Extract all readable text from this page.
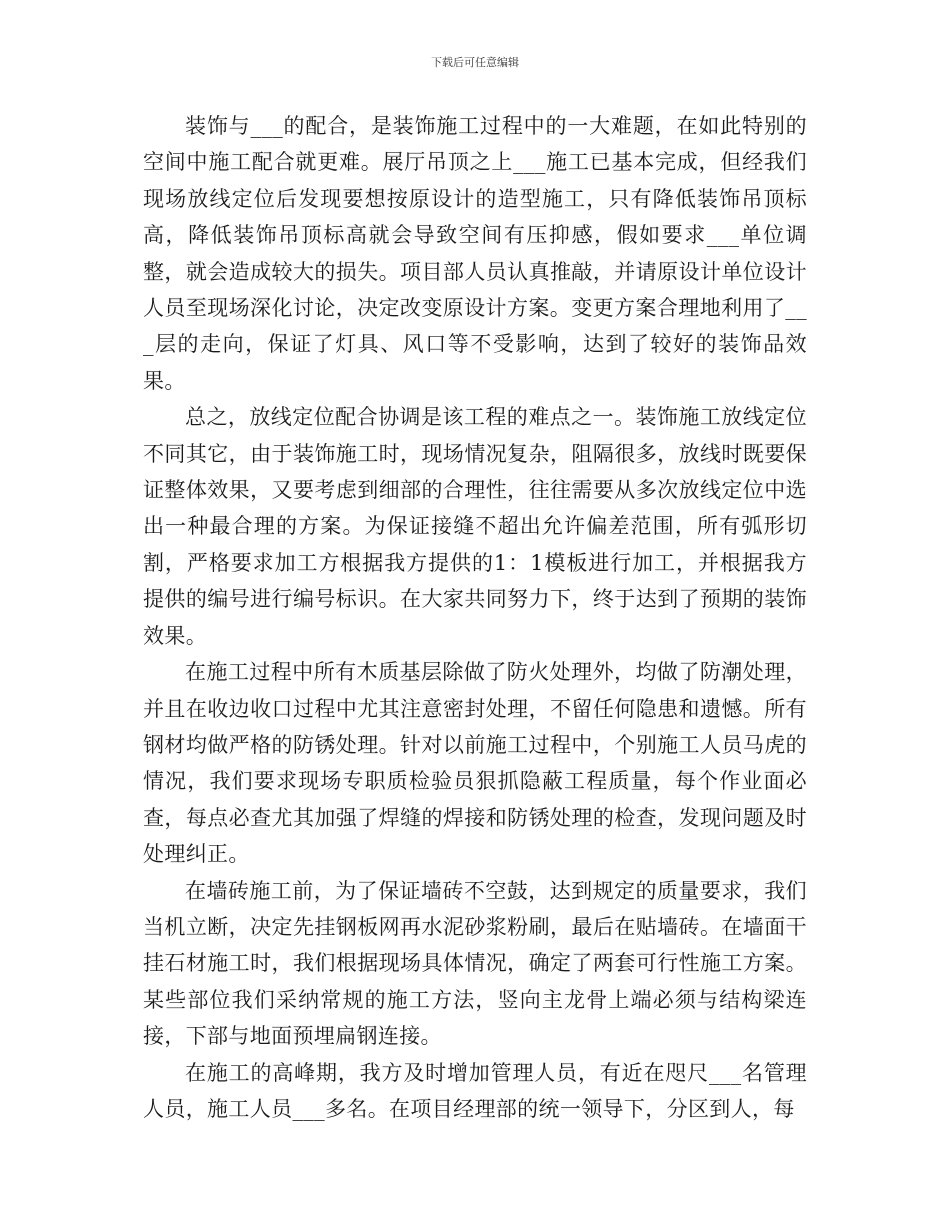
下载后可任意编辑

装饰与___的配合，是装饰施工过程中的一大难题，在如此特别的空间中施工配合就更难。展厅吊顶之上___施工已基本完成，但经我们现场放线定位后发现要想按原设计的造型施工，只有降低装饰吊顶标高，降低装饰吊顶标高就会导致空间有压抑感，假如要求___单位调整，就会造成较大的损失。项目部人员认真推敲，并请原设计单位设计人员至现场深化讨论，决定改变原设计方案。变更方案合理地利用了___层的走向，保证了灯具、风口等不受影响，达到了较好的装饰品效果。

总之，放线定位配合协调是该工程的难点之一。装饰施工放线定位不同其它，由于装饰施工时，现场情况复杂，阻隔很多，放线时既要保证整体效果，又要考虑到细部的合理性，往往需要从多次放线定位中选出一种最合理的方案。为保证接缝不超出允许偏差范围，所有弧形切割，严格要求加工方根据我方提供的1：1模板进行加工，并根据我方提供的编号进行编号标识。在大家共同努力下，终于达到了预期的装饰效果。

在施工过程中所有木质基层除做了防火处理外，均做了防潮处理，并且在收边收口过程中尤其注意密封处理，不留任何隐患和遗憾。所有钢材均做严格的防锈处理。针对以前施工过程中，个别施工人员马虎的情况，我们要求现场专职质检验员狠抓隐蔽工程质量，每个作业面必查，每点必查尤其加强了焊缝的焊接和防锈处理的检查，发现问题及时处理纠正。

在墙砖施工前，为了保证墙砖不空鼓，达到规定的质量要求，我们当机立断，决定先挂钢板网再水泥砂浆粉刷，最后在贴墙砖。在墙面干挂石材施工时，我们根据现场具体情况，确定了两套可行性施工方案。某些部位我们采纳常规的施工方法，竖向主龙骨上端必须与结构梁连接，下部与地面预埋扁钢连接。

在施工的高峰期，我方及时增加管理人员，有近在咫尺___名管理人员，施工人员___多名。在项目经理部的统一领导下，分区到人，每
